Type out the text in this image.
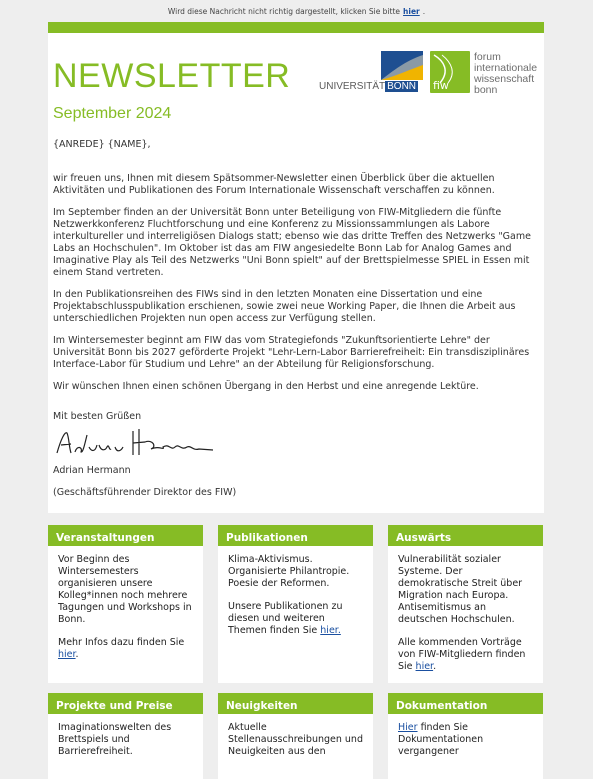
Wird diese Nachricht nicht richtig dargestellt, klicken Sie bitte hier .
NEWSLETTER
September 2024
UNIVERSITÄT BONN fiw
forum
internationale
wissenschaft
bonn

{ANREDE} {NAME},

wir freuen uns, Ihnen mit diesem Spätsommer-Newsletter einen Überblick über die aktuellen Aktivitäten und Publikationen des Forum Internationale Wissenschaft verschaffen zu können.

Im September finden an der Universität Bonn unter Beteiligung von FIW-Mitgliedern die fünfte Netzwerkkonferenz Fluchtforschung und eine Konferenz zu Missionssammlungen als Labore interkultureller und interreligiösen Dialogs statt; ebenso wie das dritte Treffen des Netzwerks "Game Labs an Hochschulen". Im Oktober ist das am FIW angesiedelte Bonn Lab for Analog Games and Imaginative Play als Teil des Netzwerks "Uni Bonn spielt" auf der Brettspielmesse SPIEL in Essen mit einem Stand vertreten.

In den Publikationsreihen des FIWs sind in den letzten Monaten eine Dissertation und eine Projektabschlusspublikation erschienen, sowie zwei neue Working Paper, die Ihnen die Arbeit aus unterschiedlichen Projekten nun open access zur Verfügung stellen.

Im Wintersemester beginnt am FIW das vom Strategiefonds "Zukunftsorientierte Lehre" der Universität Bonn bis 2027 geförderte Projekt "Lehr-Lern-Labor Barrierefreiheit: Ein transdisziplinäres Interface-Labor für Studium und Lehre" an der Abteilung für Religionsforschung.

Wir wünschen Ihnen einen schönen Übergang in den Herbst und eine anregende Lektüre.

Mit besten Grüßen

Adrian Hermann

(Geschäftsführender Direktor des FIW)

Veranstaltungen

Vor Beginn des Wintersemesters organisieren unsere Kolleg*innen noch mehrere Tagungen und Workshops in Bonn.

Mehr Infos dazu finden Sie hier.

Publikationen

Klima-Aktivismus. Organisierte Philantropie. Poesie der Reformen.

Unsere Publikationen zu diesen und weiteren Themen finden Sie hier.

Auswärts

Vulnerabilität sozialer Systeme. Der demokratische Streit über Migration nach Europa. Antisemitismus an deutschen Hochschulen.

Alle kommenden Vorträge von FIW-Mitgliedern finden Sie hier.

Projekte und Preise

Imaginationswelten des Brettspiels und Barrierefreiheit.

Neuigkeiten

Aktuelle Stellenausschreibungen und Neuigkeiten aus den

Dokumentation

Hier finden Sie Dokumentationen vergangener
